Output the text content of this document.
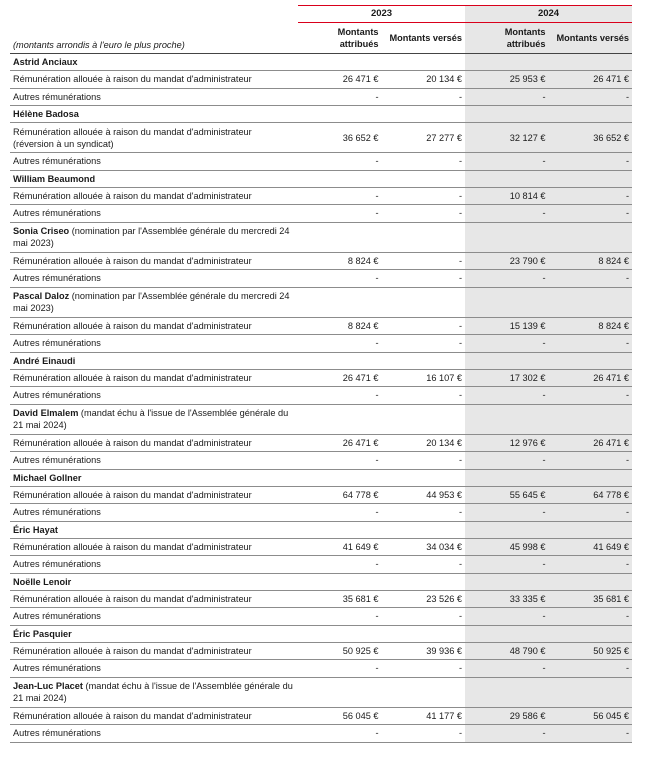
	2023		2024	
(montants arrondis à l'euro le plus proche)	Montants attribués	Montants versés	Montants attribués	Montants versés
Astrid Anciaux				
Rémunération allouée à raison du mandat d'administrateur	26 471 €	20 134 €	25 953 €	26 471 €
Autres rémunérations	-	-	-	-
Hélène Badosa				
Rémunération allouée à raison du mandat d'administrateur (réversion à un syndicat)	36 652 €	27 277 €	32 127 €	36 652 €
Autres rémunérations	-	-	-	-
William Beaumond				
Rémunération allouée à raison du mandat d'administrateur	-	-	10 814 €	-
Autres rémunérations	-	-	-	-
Sonia Criseo (nomination par l'Assemblée générale du mercredi 24 mai 2023)				
Rémunération allouée à raison du mandat d'administrateur	8 824 €	-	23 790 €	8 824 €
Autres rémunérations	-	-	-	-
Pascal Daloz (nomination par l'Assemblée générale du mercredi 24 mai 2023)				
Rémunération allouée à raison du mandat d'administrateur	8 824 €	-	15 139 €	8 824 €
Autres rémunérations	-	-	-	-
André Einaudi				
Rémunération allouée à raison du mandat d'administrateur	26 471 €	16 107 €	17 302 €	26 471 €
Autres rémunérations	-	-	-	-
David Elmalem (mandat échu à l'issue de l'Assemblée générale du 21 mai 2024)				
Rémunération allouée à raison du mandat d'administrateur	26 471 €	20 134 €	12 976 €	26 471 €
Autres rémunérations	-	-	-	-
Michael Gollner				
Rémunération allouée à raison du mandat d'administrateur	64 778 €	44 953 €	55 645 €	64 778 €
Autres rémunérations	-	-	-	-
Éric Hayat				
Rémunération allouée à raison du mandat d'administrateur	41 649 €	34 034 €	45 998 €	41 649 €
Autres rémunérations	-	-	-	-
Noëlle Lenoir				
Rémunération allouée à raison du mandat d'administrateur	35 681 €	23 526 €	33 335 €	35 681 €
Autres rémunérations	-	-	-	-
Éric Pasquier				
Rémunération allouée à raison du mandat d'administrateur	50 925 €	39 936 €	48 790 €	50 925 €
Autres rémunérations	-	-	-	-
Jean-Luc Placet (mandat échu à l'issue de l'Assemblée générale du 21 mai 2024)				
Rémunération allouée à raison du mandat d'administrateur	56 045 €	41 177 €	29 586 €	56 045 €
Autres rémunérations	-	-	-	-
